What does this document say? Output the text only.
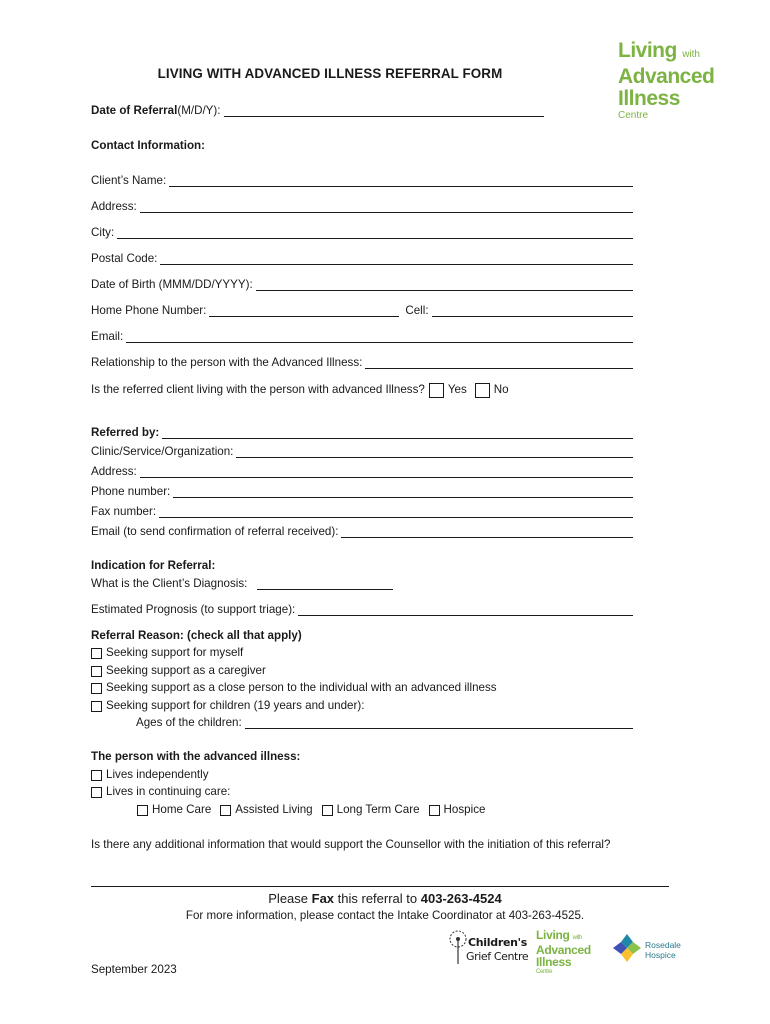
Living with
Advanced
Illness
Centre
LIVING WITH ADVANCED ILLNESS REFERRAL FORM
Date of Referral (M/D/Y):
Contact Information:
Client’s Name:
Address:
City:
Postal Code:
Date of Birth (MMM/DD/YYYY):
Home Phone Number:	Cell:
Email:
Relationship to the person with the Advanced Illness:
Is the referred client living with the person with advanced Illness? Yes No
Referred by:
Clinic/Service/Organization:
Address:
Phone number:
Fax number:
Email (to send confirmation of referral received):
Indication for Referral:
What is the Client’s Diagnosis:
Estimated Prognosis (to support triage):
Referral Reason: (check all that apply)
Seeking support for myself
Seeking support as a caregiver
Seeking support as a close person to the individual with an advanced illness
Seeking support for children (19 years and under):
Ages of the children:
The person with the advanced illness:
Lives independently
Lives in continuing care:
Home Care Assisted Living Long Term Care Hospice
Is there any additional information that would support the Counsellor with the initiation of this referral?
Please Fax this referral to 403-263-4524
For more information, please contact the Intake Coordinator at 403-263-4525.
Children's
Grief Centre
Living with
Advanced
Illness
Centre
Rosedale
Hospice
September 2023
